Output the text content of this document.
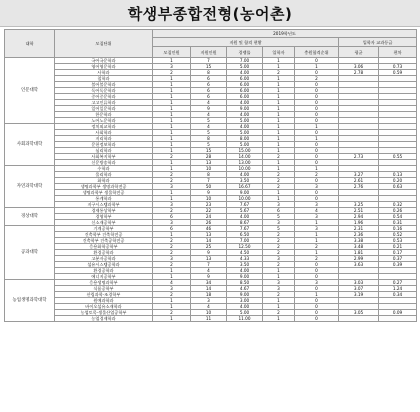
학생부종합전형(농어촌)
대학	모집단위	2019학년도						
		지원 및 합격 현황					입학자 교과등급	
		모집인원	지원인원	경쟁률	입학자	충원합격순위	평균	편차
인문대학	국어국문학과	1	7	7.00	1	0		
	영어영문학과	3	15	5.00	1	1	3.06	0.73
	사학과	2	8	4.00	2	0	2.78	0.59
	철학과	1	6	6.00	1	2		
	불어불문학과	1	6	6.00	1	0		
	독어독문학과	1	6	6.00	1	0		
	중어중문학과	1	6	6.00	1	0		
	고고인류학과	1	4	4.00	1	0		
	일어일문학과	1	9	9.00	1	0		
	한문학과	1	4	4.00	1	0		
	노어노문학과	1	5	5.00	1	0		
사회과학대학	정치외교학과	1	4	4.00	1	1		
	사회학과	1	5	5.00	1	0		
	지리학과	1	8	8.00	1	1		
	문헌정보학과	1	5	5.00	1	0		
	심리학과	1	15	15.00	1	0		
	사회복지학부	2	28	14.00	2	0	2.73	0.55
	신문방송학과	1	13	13.00	1	0		
자연과학대학	수학과	1	10	10.00	1	1		
	물리학과	2	8	4.00	2	2	3.27	0.13
	화학과	2	7	3.50	2	0	2.61	0.20
	생명과학부 생명과학전공	3	50	16.67	2	3	2.76	0.63
	생명과학부 생물학전공	1	9	9.00	1	0		
	통계학과	1	10	10.00	1	0		
	지구시스템과학부	3	23	7.67	3	3	3.25	0.32
경상대학	경제통상학부	2	22	5.67	6	4	2.51	0.26
	경영학부	6	24	4.00	5	3	2.94	0.54
	신소재공학부	3	26	8.67	3	1	1.96	0.31
공과대학	기계공학부	6	46	7.67	5	3	2.31	0.16
	건축학부 건축학전공	1	13	6.50	2	1	2.36	0.52
	건축학부 건축공학전공	2	14	7.00	2	1	3.38	0.53
	응용화학공학부	2	25	12.50	2	2	3.48	0.21
	환경공학과	2	9	4.50	2	1	1.81	0.17
	고분자공학과	3	13	4.33	3	2	2.99	0.37
	섬유시스템공학과	2	7	3.50	2	0	3.63	0.39
	환경공학과	1	4	4.00	1	0		
	에너지공학부	1	9	9.00	1	0		
농업생명과학대학	응용생명과학부	4	34	8.50	3	3	3.03	0.27
	식품공학부	3	14	4.67	3	0	3.07	1.24
	산림과학·조경학부	2	18	9.00	2	1	3.19	0.34
	원예과학과	1	3	3.00	1	0		
	바이오섬유소재학과	1	4	4.00	1	0		
	농업토목·생물산업공학부	2	10	5.00	2	0	3.05	0.09
	농업경제학과	1	11	11.00	1	0		
